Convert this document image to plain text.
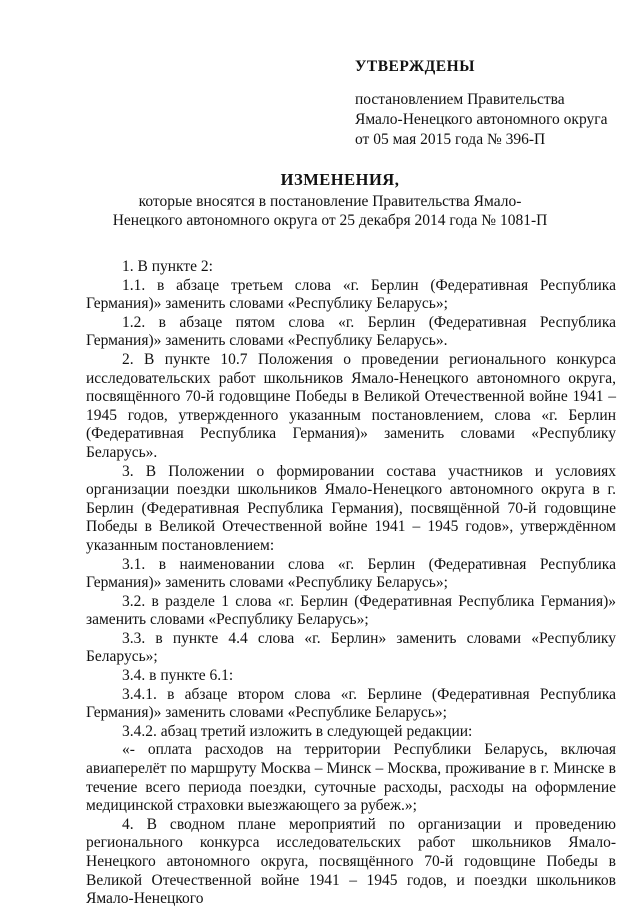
УТВЕРЖДЕНЫ
постановлением Правительства
Ямало-Ненецкого автономного округа
от 05 мая 2015 года № 396-П
ИЗМЕНЕНИЯ,
которые вносятся в постановление Правительства Ямало-Ненецкого автономного округа от 25 декабря 2014 года № 1081-П

1. В пункте 2:

1.1. в абзаце третьем слова «г. Берлин (Федеративная Республика Германия)» заменить словами «Республику Беларусь»;

1.2. в абзаце пятом слова «г. Берлин (Федеративная Республика Германия)» заменить словами «Республику Беларусь».

2. В пункте 10.7 Положения о проведении регионального конкурса исследовательских работ школьников Ямало-Ненецкого автономного округа, посвящённого 70-й годовщине Победы в Великой Отечественной войне 1941 – 1945 годов, утвержденного указанным постановлением, слова «г. Берлин (Федеративная Республика Германия)» заменить словами «Республику Беларусь».

3. В Положении о формировании состава участников и условиях организации поездки школьников Ямало-Ненецкого автономного округа в г. Берлин (Федеративная Республика Германия), посвящённой 70-й годовщине Победы в Великой Отечественной войне 1941 – 1945 годов», утверждённом указанным постановлением:

3.1. в наименовании слова «г. Берлин (Федеративная Республика Германия)» заменить словами «Республику Беларусь»;

3.2. в разделе 1 слова «г. Берлин (Федеративная Республика Германия)» заменить словами «Республику Беларусь»;

3.3. в пункте 4.4 слова «г. Берлин» заменить словами «Республику Беларусь»;

3.4. в пункте 6.1:

3.4.1. в абзаце втором слова «г. Берлине (Федеративная Республика Германия)» заменить словами «Республике Беларусь»;

3.4.2. абзац третий изложить в следующей редакции:

«- оплата расходов на территории Республики Беларусь, включая авиаперелёт по маршруту Москва – Минск – Москва, проживание в г. Минске в течение всего периода поездки, суточные расходы, расходы на оформление медицинской страховки выезжающего за рубеж.»;

4. В сводном плане мероприятий по организации и проведению регионального конкурса исследовательских работ школьников Ямало-Ненецкого автономного округа, посвящённого 70-й годовщине Победы в Великой Отечественной войне 1941 – 1945 годов, и поездки школьников Ямало-Ненецкого
